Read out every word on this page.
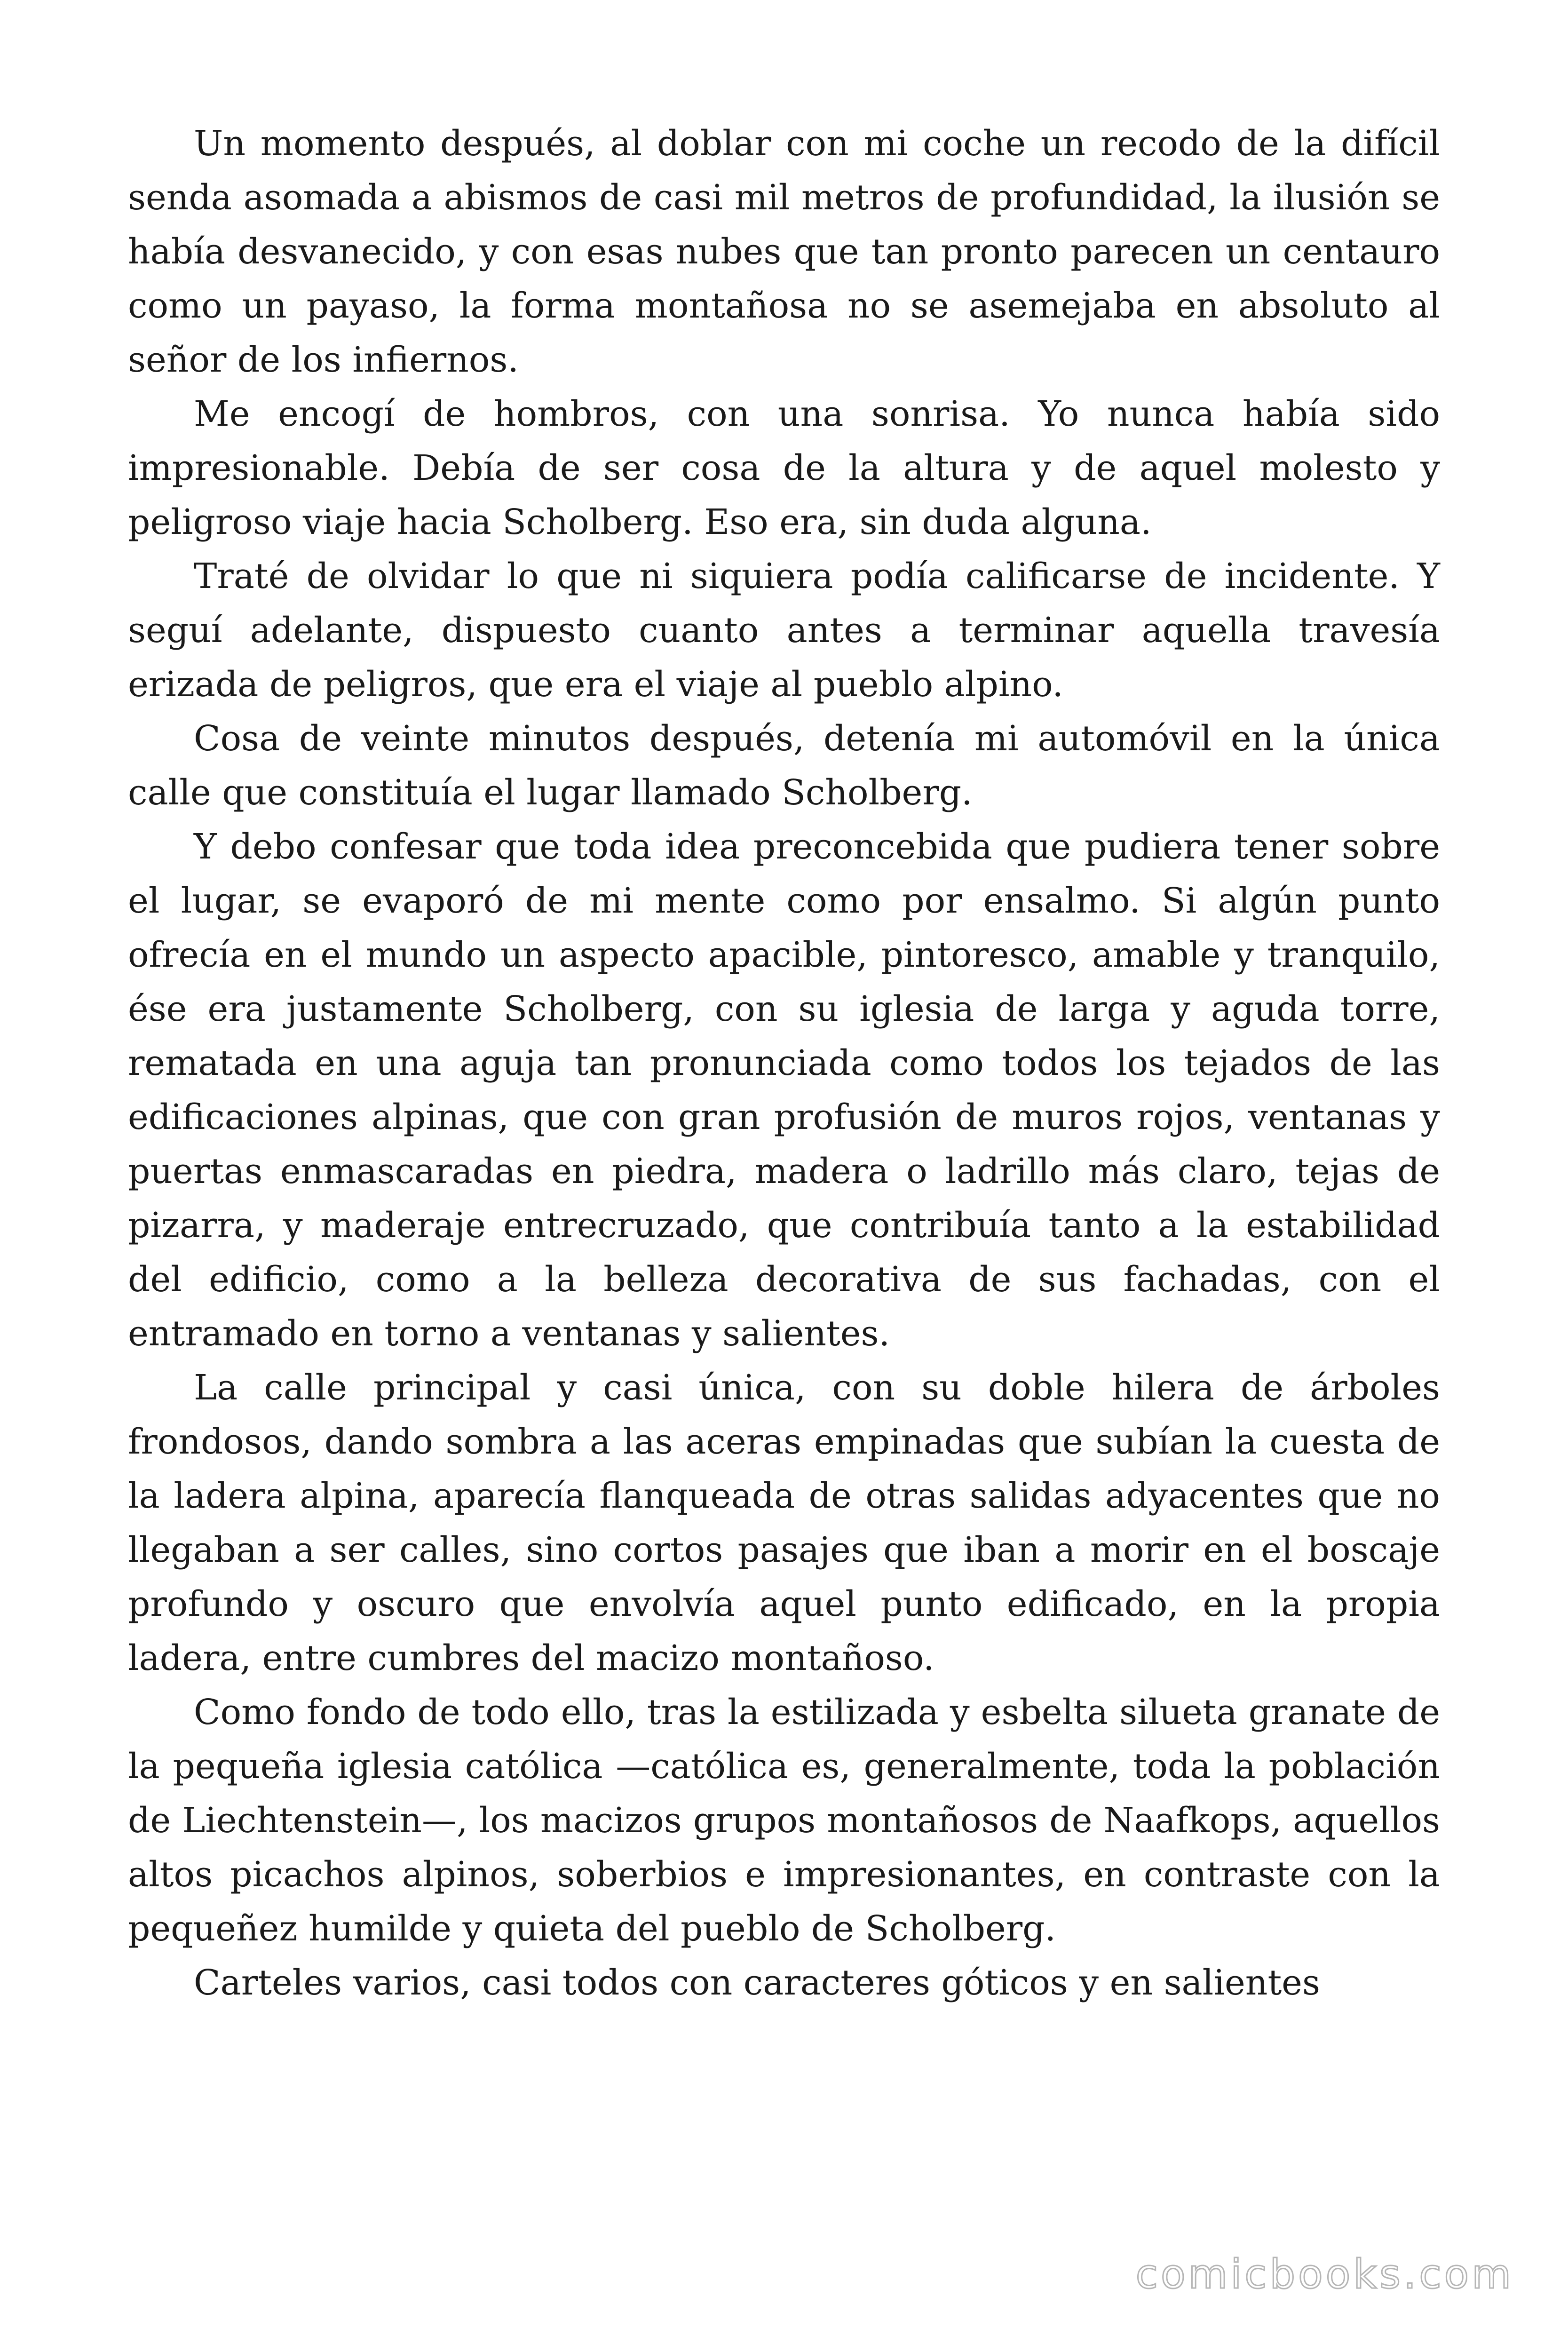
Un momento después, al doblar con mi coche un recodo de la difícil senda asomada a abismos de casi mil metros de profundidad, la ilusión se había desvanecido, y con esas nubes que tan pronto parecen un centauro como un payaso, la forma montañosa no se asemejaba en absoluto al señor de los infiernos.

Me encogí de hombros, con una sonrisa. Yo nunca había sido impresionable. Debía de ser cosa de la altura y de aquel molesto y peligroso viaje hacia Scholberg. Eso era, sin duda alguna.

Traté de olvidar lo que ni siquiera podía calificarse de incidente. Y seguí adelante, dispuesto cuanto antes a terminar aquella travesía erizada de peligros, que era el viaje al pueblo alpino.

Cosa de veinte minutos después, detenía mi automóvil en la única calle que constituía el lugar llamado Scholberg.

Y debo confesar que toda idea preconcebida que pudiera tener sobre el lugar, se evaporó de mi mente como por ensalmo. Si algún punto ofrecía en el mundo un aspecto apacible, pintoresco, amable y tranquilo, ése era justamente Scholberg, con su iglesia de larga y aguda torre, rematada en una aguja tan pronunciada como todos los tejados de las edificaciones alpinas, que con gran profusión de muros rojos, ventanas y puertas enmascaradas en piedra, madera o ladrillo más claro, tejas de pizarra, y maderaje entrecruzado, que contribuía tanto a la estabilidad del edificio, como a la belleza decorativa de sus fachadas, con el entramado en torno a ventanas y salientes.

La calle principal y casi única, con su doble hilera de árboles frondosos, dando sombra a las aceras empinadas que subían la cuesta de la ladera alpina, aparecía flanqueada de otras salidas adyacentes que no llegaban a ser calles, sino cortos pasajes que iban a morir en el boscaje profundo y oscuro que envolvía aquel punto edificado, en la propia ladera, entre cumbres del macizo montañoso.

Como fondo de todo ello, tras la estilizada y esbelta silueta granate de la pequeña iglesia católica —católica es, generalmente, toda la población de Liechtenstein—, los macizos grupos montañosos de Naafkops, aquellos altos picachos alpinos, soberbios e impresionantes, en contraste con la pequeñez humilde y quieta del pueblo de Scholberg.

Carteles varios, casi todos con caracteres góticos y en salientes

comicbooks.com
